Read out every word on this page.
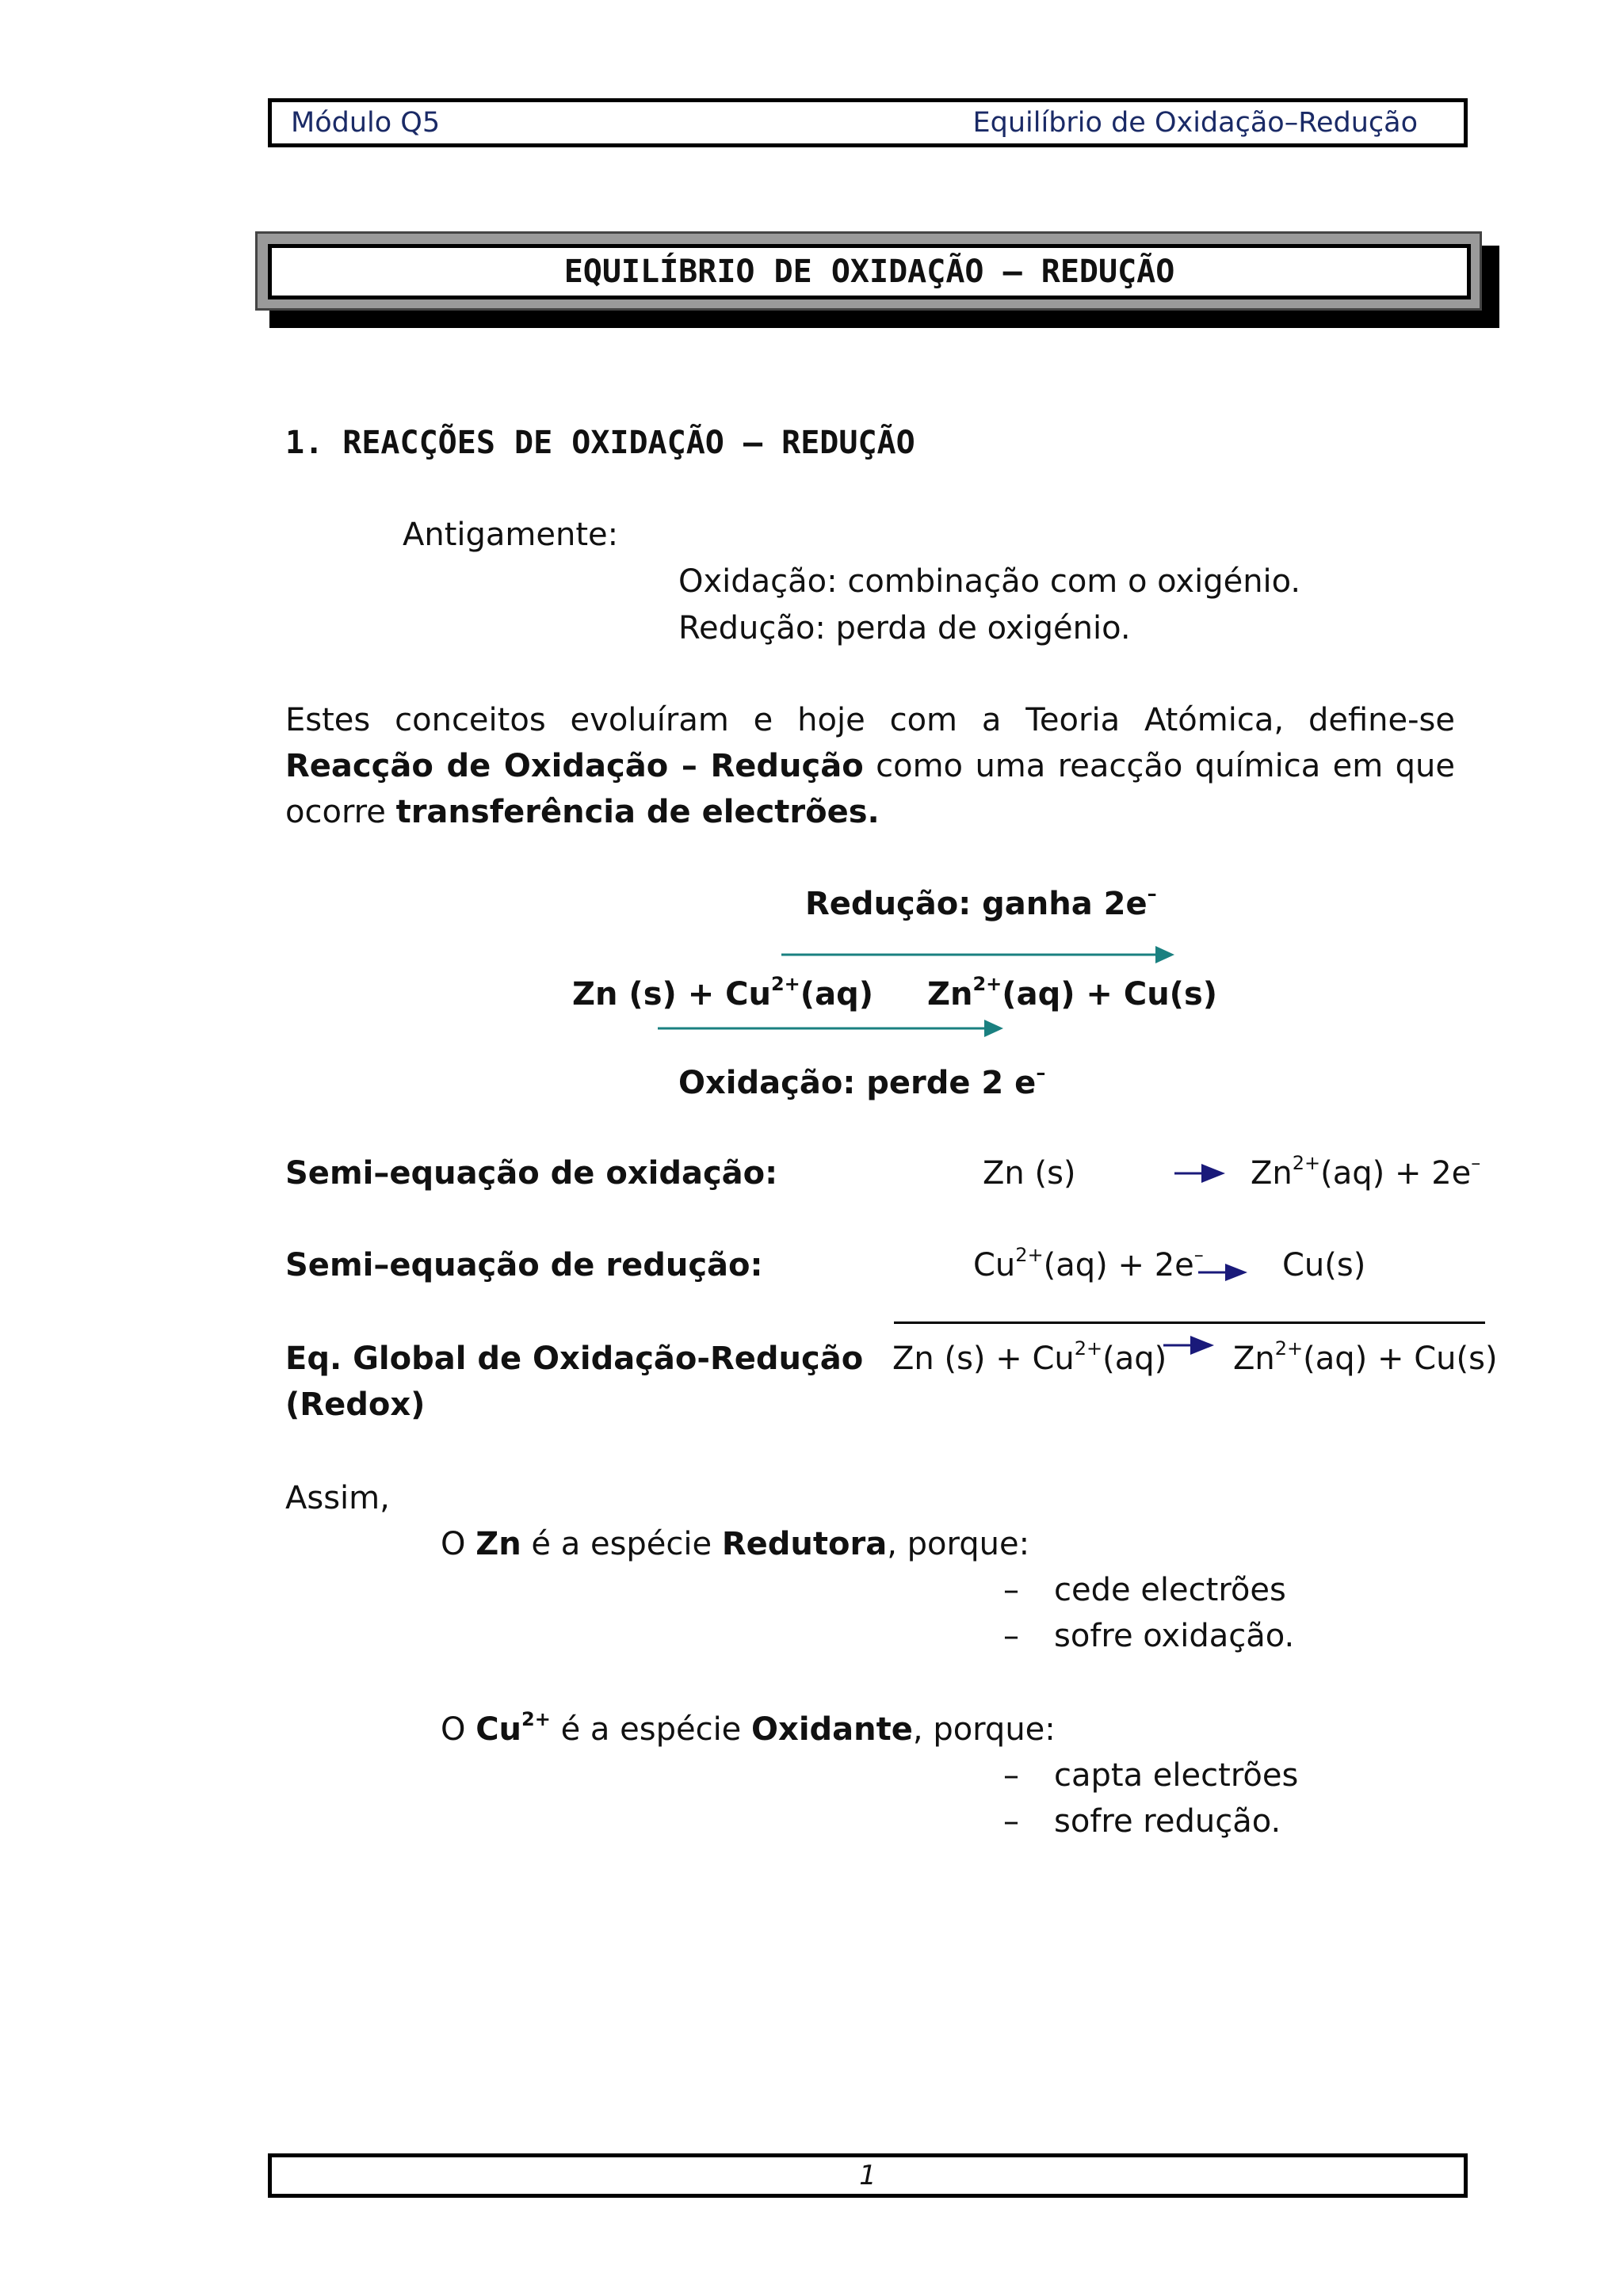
Módulo Q5	Equilíbrio de Oxidação–Redução
EQUILÍBRIO DE OXIDAÇÃO – REDUÇÃO
1. REACÇÕES DE OXIDAÇÃO – REDUÇÃO
Antigamente:
Oxidação: combinação com o oxigénio.
Redução: perda de oxigénio.
Estes conceitos evoluíram e hoje com a Teoria Atómica, define-se Reacção de Oxidação – Redução como uma reacção química em que ocorre transferência de electrões.
Redução: ganha 2e–
Zn $(s) + Cu^{2+}(aq) Zn^{2+}(aq) + Cu(s)$
Oxidação: perde 2 e–
Semi–equação de oxidação:	Zn (s)	$Zn^{2+}(aq) + 2e^-$
Semi–equação de redução:	$Cu^{2+}(aq) + 2e^-$ Cu(s)
Eq. Global de Oxidação-Redução
(Redox)
Zn $(s) + Cu^{2+}(aq) Zn^{2+}(aq) + Cu(s)$
Assim,
O Zn é a espécie Redutora, porque:
– cede electrões
– sofre oxidação.
O $Cu^{2+}$ é a espécie Oxidante, porque:
– capta electrões
– sofre redução.
1
